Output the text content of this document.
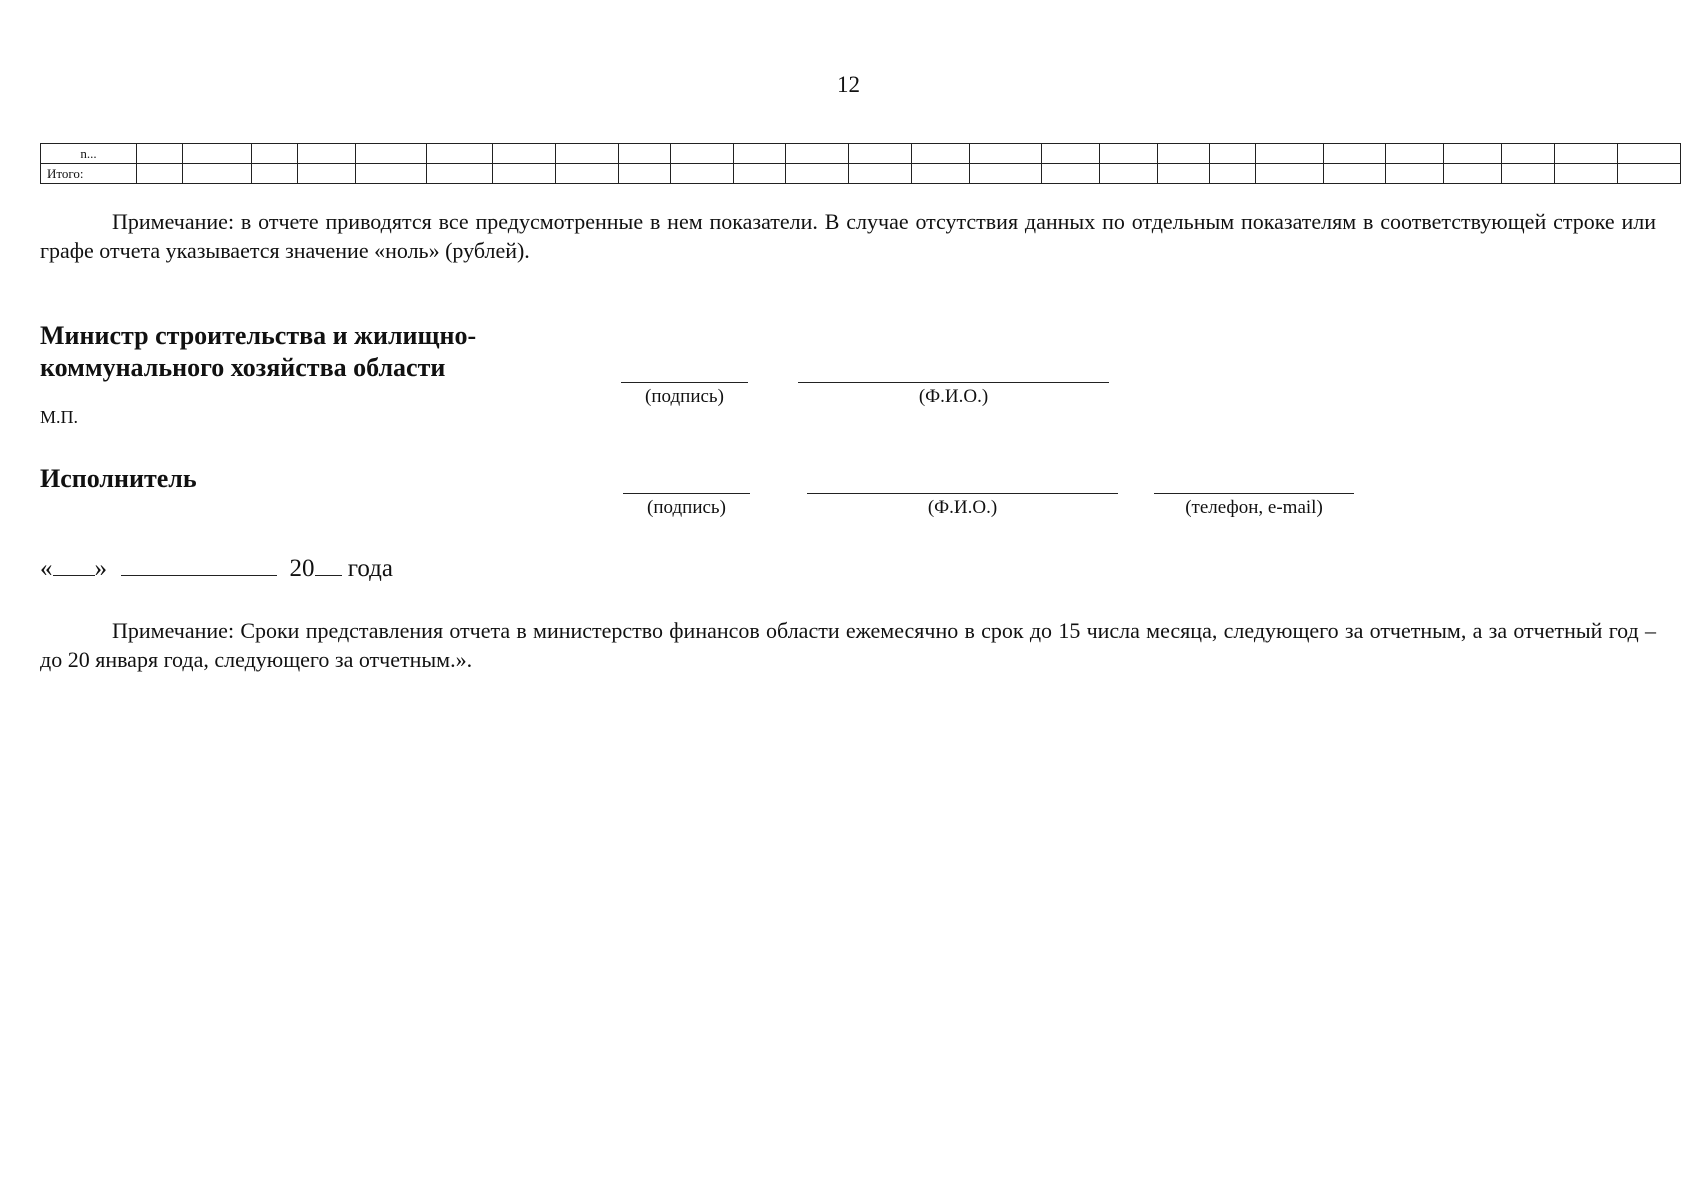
12
n...																										
Итого:																										

Примечание: в отчете приводятся все предусмотренные в нем показатели. В случае отсутствия данных по отдельным показателям в соответствующей строке или графе отчета указывается значение «ноль» (рублей).

Министр строительства и жилищно-
коммунального хозяйства области
(подпись)	(Ф.И.О.)
М.П.
Исполнитель
(подпись)	(Ф.И.О.)	(телефон, e-mail)
« »	20 года

Примечание: Сроки представления отчета в министерство финансов области ежемесячно в срок до 15 числа месяца, следующего за отчетным, а за отчетный год – до 20 января года, следующего за отчетным.».
